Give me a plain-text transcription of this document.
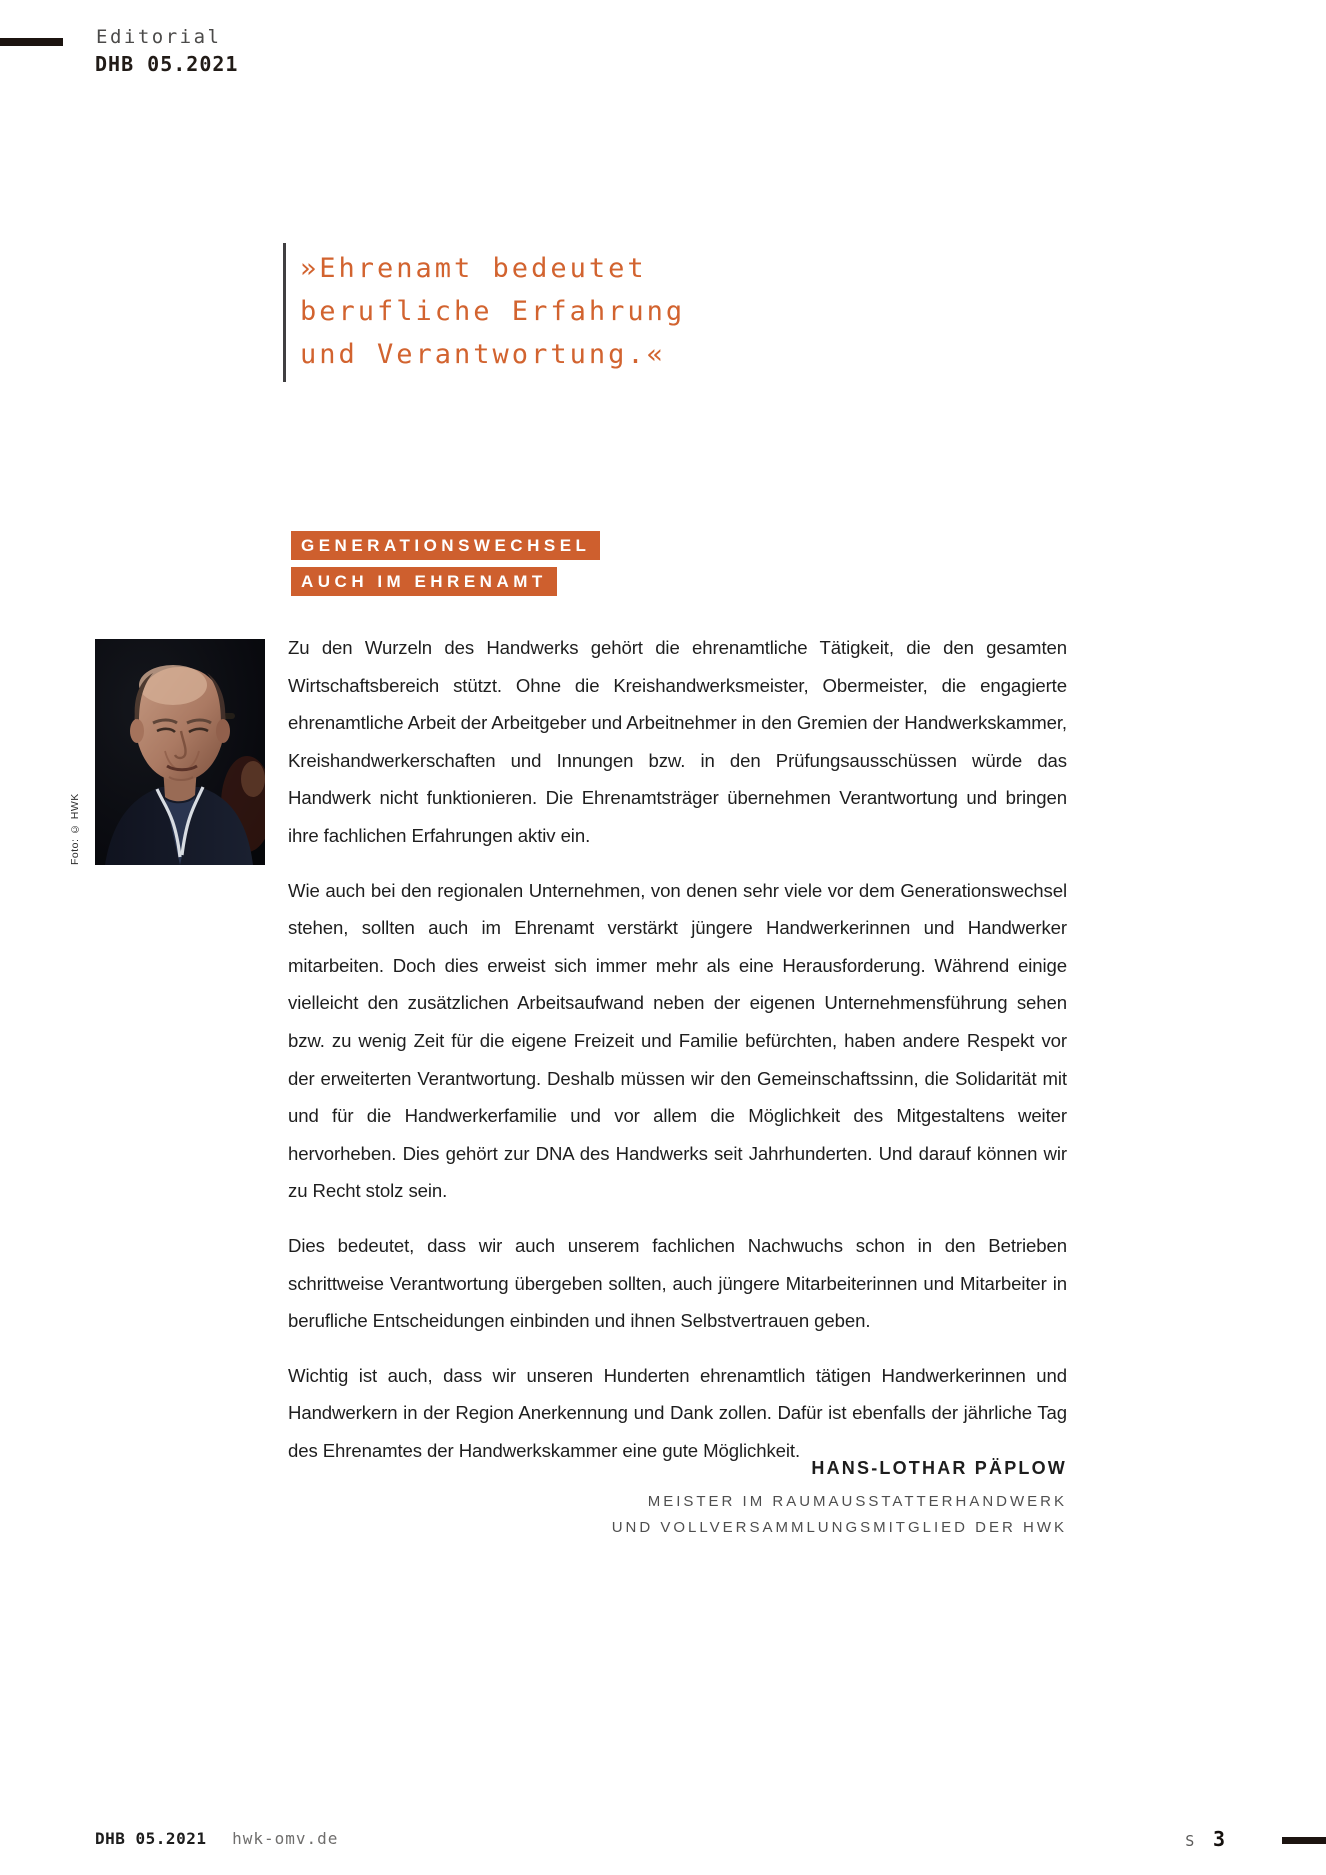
Editorial
DHB 05.2021
»Ehrenamt bedeutet
berufliche Erfahrung
und Verantwortung.«
GENERATIONSWECHSEL
AUCH IM EHRENAMT
Foto: © HWK

Zu den Wurzeln des Handwerks gehört die ehrenamtliche Tätigkeit, die den gesamten Wirtschaftsbereich stützt. Ohne die Kreishandwerksmeister, Obermeister, die engagierte ehrenamtliche Arbeit der Arbeitgeber und Arbeitnehmer in den Gremien der Handwerkskammer, Kreishandwerkerschaften und Innungen bzw. in den Prüfungsausschüssen würde das Handwerk nicht funktionieren. Die Ehrenamtsträger übernehmen Verantwortung und bringen ihre fachlichen Erfahrungen aktiv ein.

Wie auch bei den regionalen Unternehmen, von denen sehr viele vor dem Generationswechsel stehen, sollten auch im Ehrenamt verstärkt jüngere Handwerkerinnen und Handwerker mitarbeiten. Doch dies erweist sich immer mehr als eine Herausforderung. Während einige vielleicht den zusätzlichen Arbeitsaufwand neben der eigenen Unternehmensführung sehen bzw. zu wenig Zeit für die eigene Freizeit und Familie befürchten, haben andere Respekt vor der erweiterten Verantwortung. Deshalb müssen wir den Gemeinschaftssinn, die Solidarität mit und für die Handwerkerfamilie und vor allem die Möglichkeit des Mitgestaltens weiter hervorheben. Dies gehört zur DNA des Handwerks seit Jahrhunderten. Und darauf können wir zu Recht stolz sein.

Dies bedeutet, dass wir auch unserem fachlichen Nachwuchs schon in den Betrieben schrittweise Verantwortung übergeben sollten, auch jüngere Mitarbeiterinnen und Mitarbeiter in berufliche Entscheidungen einbinden und ihnen Selbstvertrauen geben.

Wichtig ist auch, dass wir unseren Hunderten ehrenamtlich tätigen Handwerkerinnen und Handwerkern in der Region Anerkennung und Dank zollen. Dafür ist ebenfalls der jährliche Tag des Ehrenamtes der Handwerkskammer eine gute Möglichkeit.

HANS-LOTHAR PÄPLOW
MEISTER IM RAUMAUSSTATTERHANDWERK
UND VOLLVERSAMMLUNGSMITGLIED DER HWK
DHB 05.2021 hwk-omv.de	S 3
